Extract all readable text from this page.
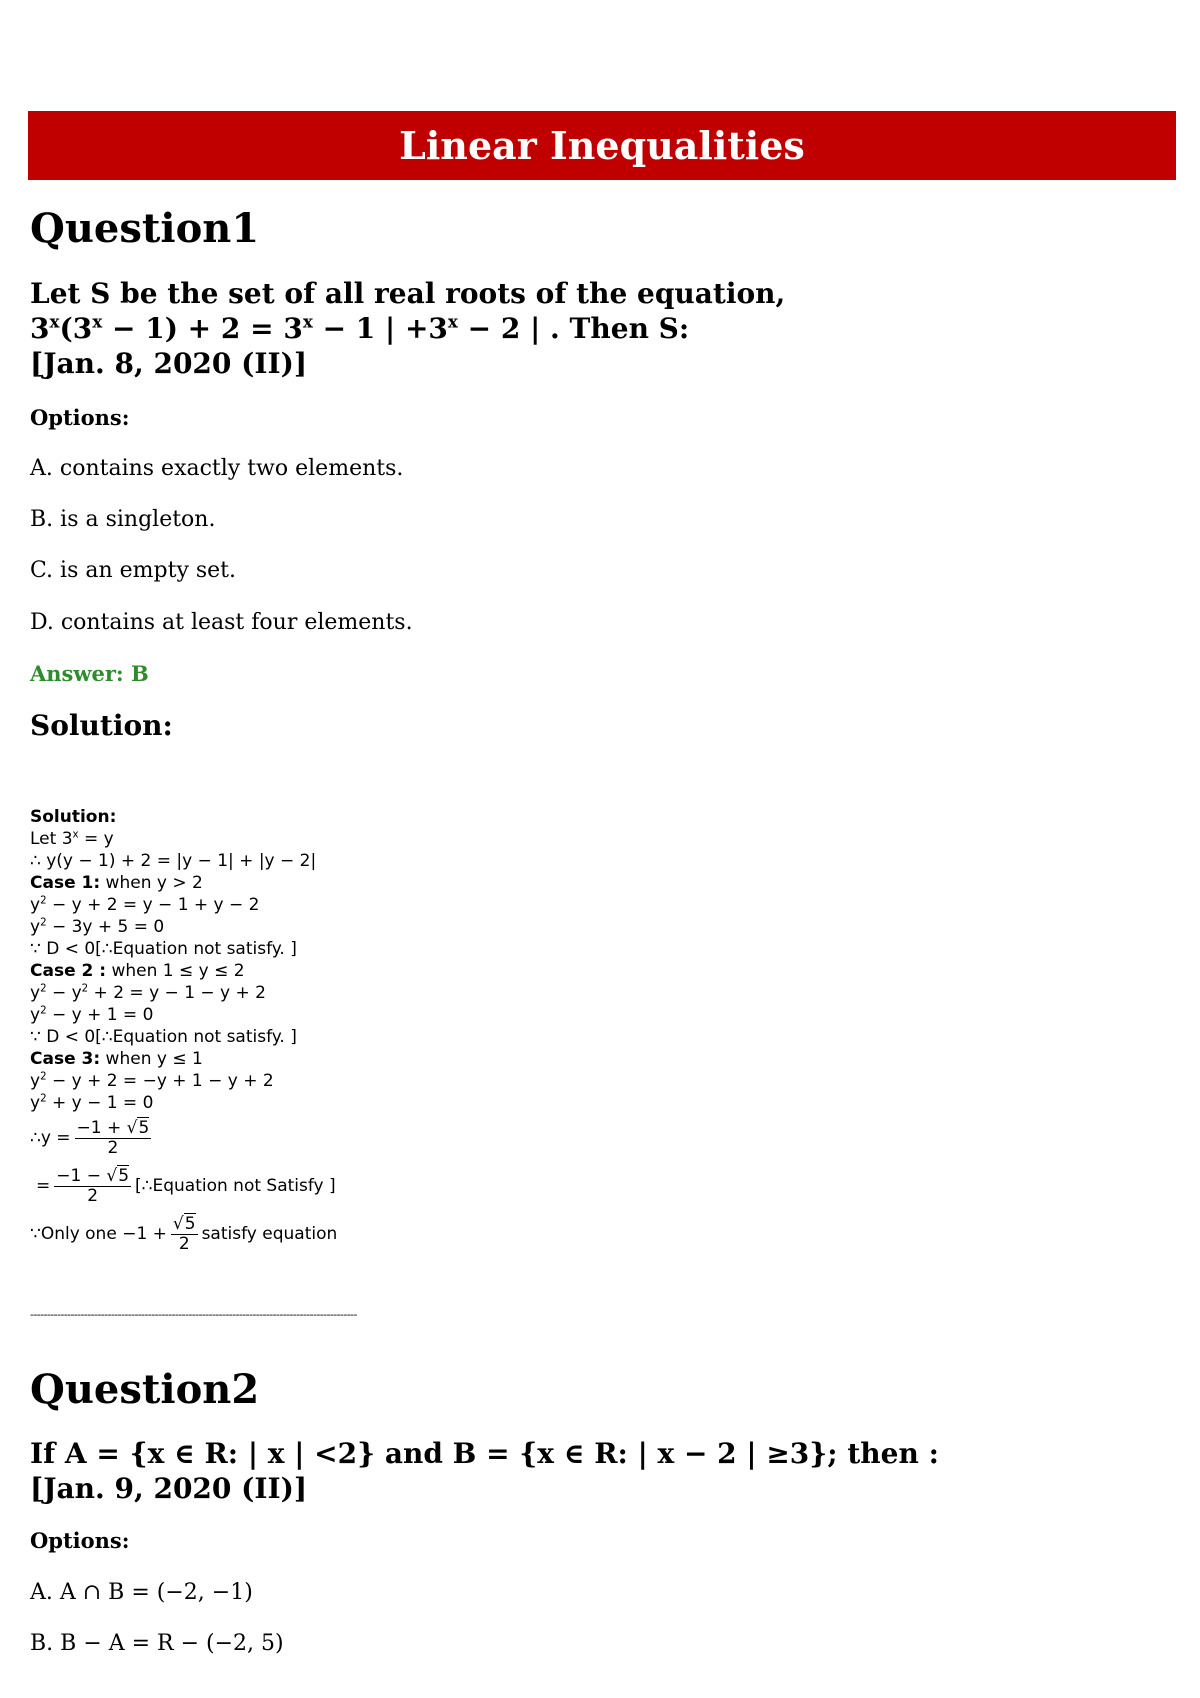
Linear Inequalities
Question1
Let S be the set of all real roots of the equation,
$3^x(3^x - 1) + 2 = 3^x - 1$ | $+3^x - 2$ | . Then S:
[Jan. 8, 2020 (II)]
Options:
A. contains exactly two elements.
B. is a singleton.
C. is an empty set.
D. contains at least four elements.
Answer: B
Solution:
Solution:
Let $3^x = y$
∴ y(y − 1) + 2 = |y − 1| + |y − 2|
Case 1: when y > 2
$y^2 - y + 2 = y - 1 + y - 2$
$y^2 - 3y + 5 = 0$
∵ D < 0[∴Equation not satisfy. ]
Case 2 : when 1 ≤ y ≤ 2
$y^2 - y^2 + 2 = y - 1 - y + 2$
$y^2 - y + 1 = 0$
∵ D < 0[∴Equation not satisfy. ]
Case 3: when y ≤ 1
$y^2 - y + 2 = -y + 1 - y + 2$
$y^2 + y - 1 = 0$
∴y = $\frac{-1 + √5}{2}$
= $\frac{-1 - √5}{2}$ [∴Equation not Satisfy ]
∵Only one $-1 + \frac{√5}{2}$ satisfy equation
-------------------------------------------------------------------------------------------------
Question2
If A = {x ∈ R: | x | <2} and B = {x ∈ R: | x − 2 | ≥3}; then :
[Jan. 9, 2020 (II)]
Options:
A. A ∩ B = (−2, −1)
B. B − A = R − (−2, 5)
